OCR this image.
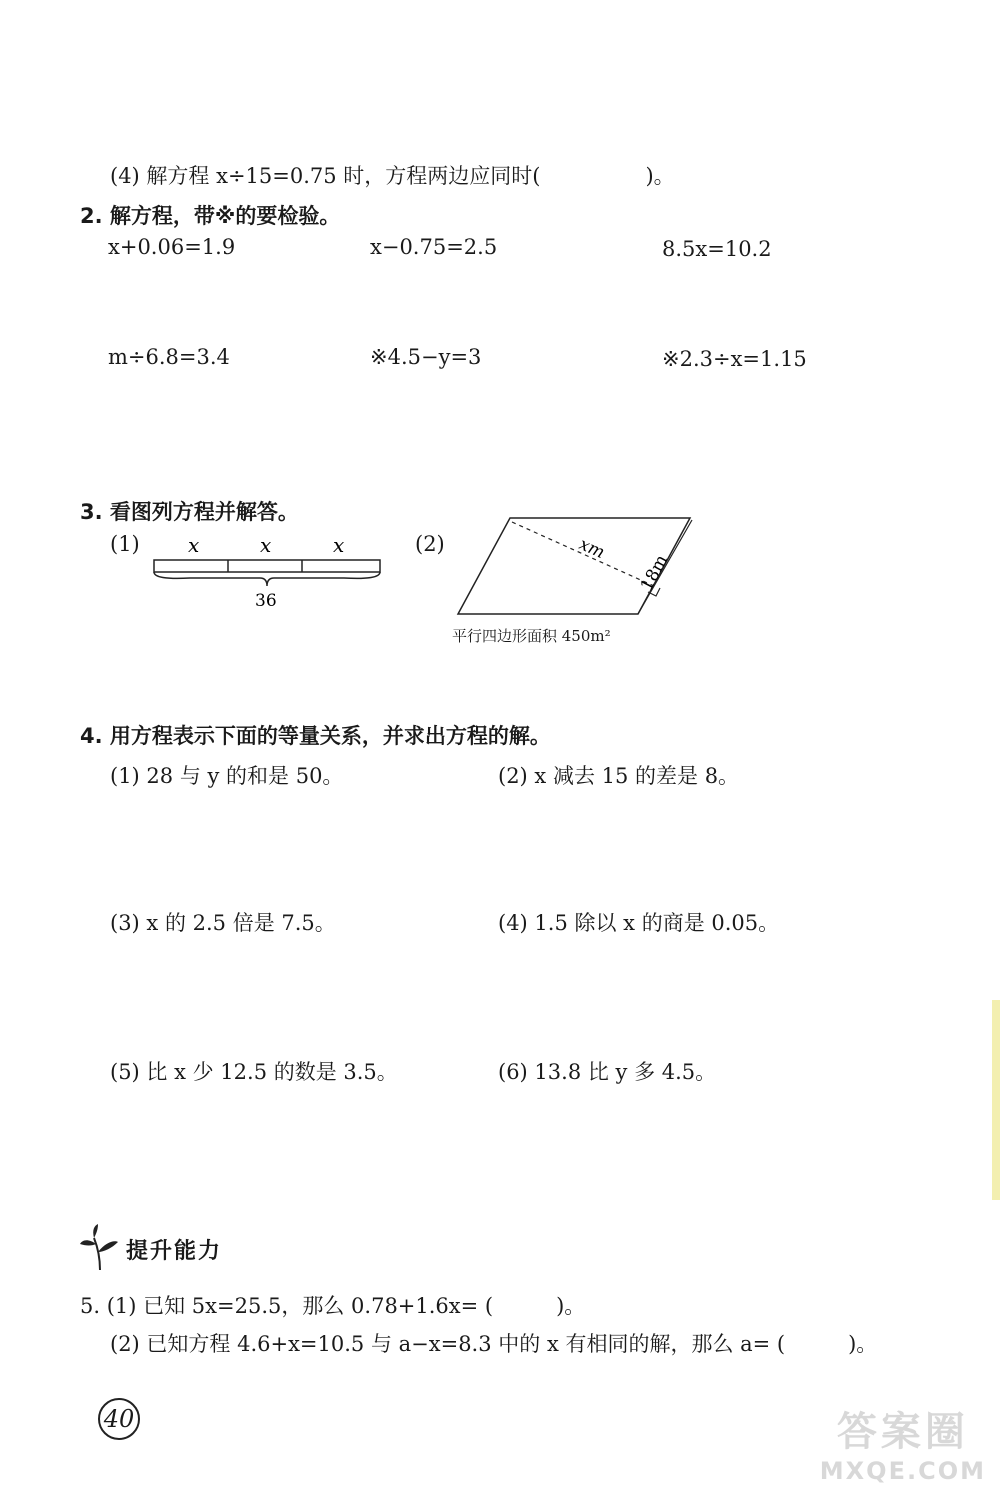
(4) 解方程 x÷15=0.75 时，方程两边应同时(　　　　　)。
2. 解方程，带※的要检验。
x+0.06=1.9	x−0.75=2.5	8.5x=10.2
m÷6.8=3.4	※4.5−y=3	※2.3÷x=1.15
3. 看图列方程并解答。
(1)	(2)
x	x	x
36
xm
18m
平行四边形面积 450m²
4. 用方程表示下面的等量关系，并求出方程的解。
(1) 28 与 y 的和是 50。	(2) x 减去 15 的差是 8。
(3) x 的 2.5 倍是 7.5。	(4) 1.5 除以 x 的商是 0.05。
(5) 比 x 少 12.5 的数是 3.5。	(6) 13.8 比 y 多 4.5。
提升能力
5. (1) 已知 5x=25.5，那么 0.78+1.6x= (　　　)。
(2) 已知方程 4.6+x=10.5 与 a−x=8.3 中的 x 有相同的解，那么 a= (　　　)。
40	答案圈
MXQE.COM
